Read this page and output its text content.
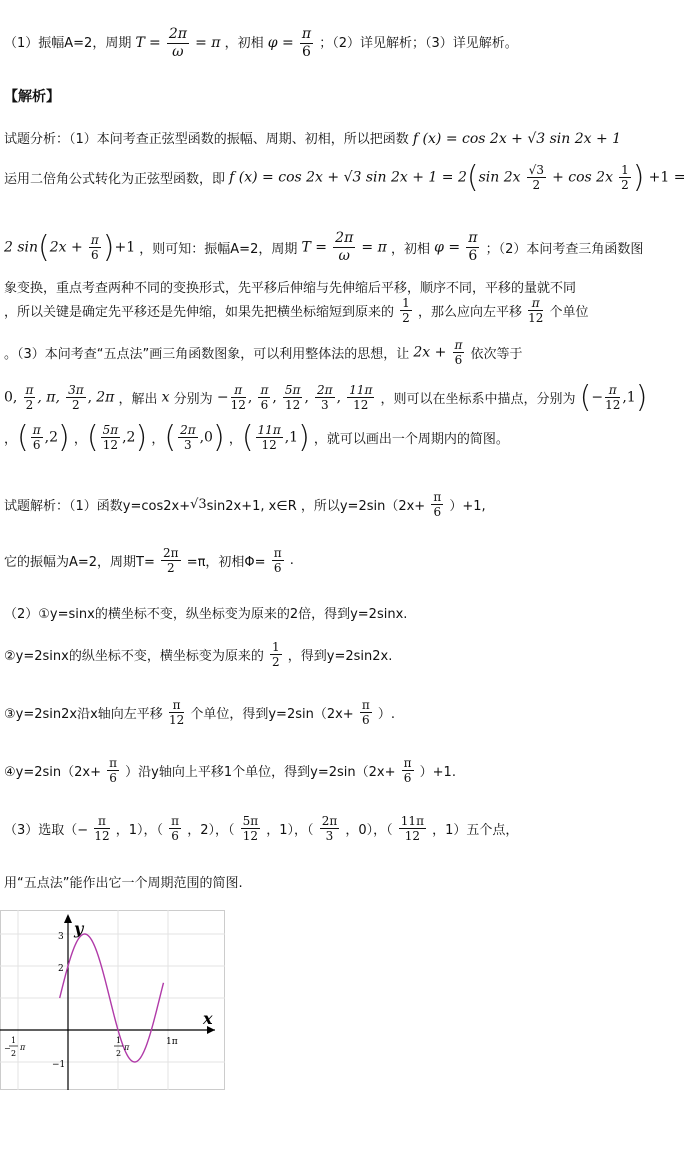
（1）振幅A=2，周期 $T = \frac{2\pi}{\omega} = \pi$ ，初相 $\varphi = \frac{\pi}{6}$ ；（2）详见解析；（3）详见解析。
【解析】
试题分析：（1）本问考查正弦型函数的振幅、周期、初相，所以把函数 f (x) = cos 2x + √3 sin 2x + 1
运用二倍角公式转化为正弦型函数，即 f (x) = cos 2x + √3 sin 2x + 1 = 2(sin $2x \frac{√3}{2} + \cos 2x \frac{1}{2}$ ) +1 =
2 $\sin(2x + \frac{\pi}{6} )+1$ ，则可知：振幅A=2，周期 $T = \frac{2\pi}{\omega} = \pi$ ，初相 $\varphi = \frac{\pi}{6}$ ；（2）本问考查三角函数图
象变换，重点考查两种不同的变换形式，先平移后伸缩与先伸缩后平移，顺序不同，平移的量就不同
，所以关键是确定先平移还是先伸缩，如果先把横坐标缩短到原来的 $\frac{1}{2}$ ，那么应向左平移 $\frac{\pi}{12}$ 个单位
。（3）本问考查“五点法”画三角函数图象，可以利用整体法的思想，让 $2x + \frac{\pi}{6}$ 依次等于
0, $\frac{\pi}{2}$ , π, $\frac{3\pi}{2}$ , 2π ，解出 x 分别为 − $\frac{\pi}{12}$ , $\frac{\pi}{6}$ , $\frac{5\pi}{12}$ , $\frac{2\pi}{3}$ , $\frac{11\pi}{12}$ ，则可以在坐标系中描点，分别为 (− $\frac{\pi}{12} ,1$)
，( $\frac{\pi}{6} ,2$) ，( $\frac{5\pi}{12} ,2$) ，( $\frac{2\pi}{3} ,0$) ，( $\frac{11\pi}{12} ,1$) ，就可以画出一个周期内的简图。
试题解析：（1）函数y=cos2x+√3sin2x+1, x∈R ，所以$y=2\sin(2x+ \frac{\pi}{6} )+1$,
它的振幅为A=2，周期$T= \frac{2\pi}{2} =\pi$，初相$\Phi= \frac{\pi}{6}$ .
（2）①y=sinx的横坐标不变，纵坐标变为原来的2倍，得到y=2sinx.
②y=2sinx的纵坐标不变，横坐标变为原来的 $\frac{1}{2}$ ，得到y=2sin2x.
③y=2sin2x沿x轴向左平移 $\frac{\pi}{12}$ 个单位，得到$y=2\sin(2x+ \frac{\pi}{6}$ ）.
④y=2sin（2x+ $\frac{\pi}{6}$ ）沿y轴向上平移1个单位，得到$y=2\sin(2x+ \frac{\pi}{6} )+1$.
（3）选取（− $\frac{\pi}{12}$ ，1），（ $\frac{\pi}{6}$ ，2），（ $\frac{5\pi}{12}$ ，1），（ $\frac{2\pi}{3}$ ，0），（ $\frac{11\pi}{12}$ ，1）五个点，
用“五点法”能作出它一个周期范围的简图.
y
x
3
2
−1
1π
1
2
π
−
1
2
π
